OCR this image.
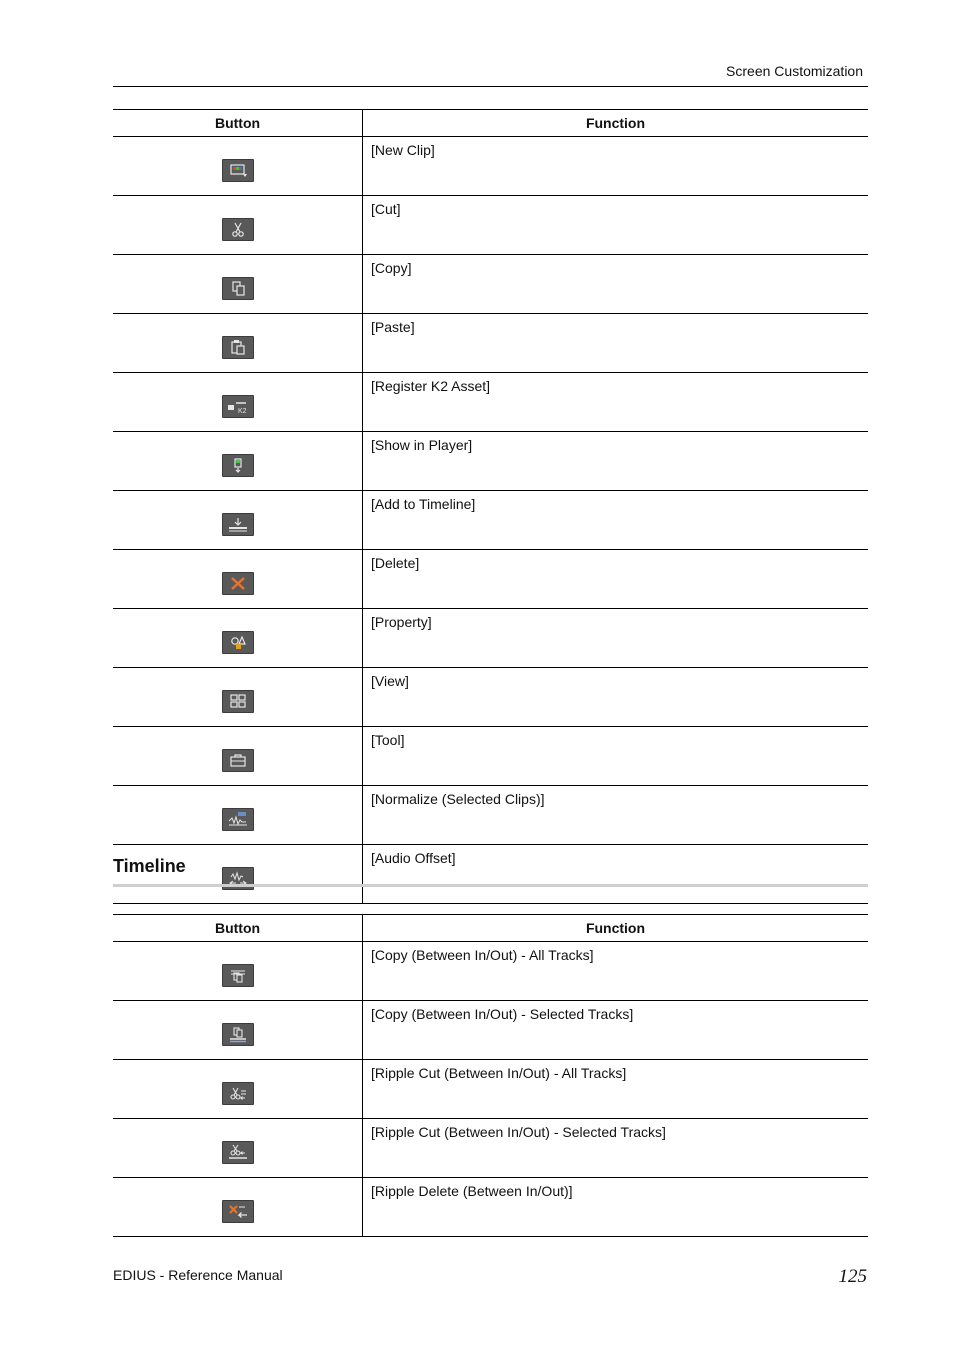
Screen Customization
Button	Function

	[New Clip]

	[Cut]

	[Copy]

	[Paste]

K2	[Register K2 Asset]

	[Show in Player]

	[Add to Timeline]

	[Delete]

	[Property]

	[View]

	[Tool]

	[Normalize (Selected Clips)]

	[Audio Offset]
Timeline
Button	Function

	[Copy (Between In/Out) - All Tracks]

	[Copy (Between In/Out) - Selected Tracks]

	[Ripple Cut (Between In/Out) - All Tracks]

	[Ripple Cut (Between In/Out) - Selected Tracks]

	[Ripple Delete (Between In/Out)]
EDIUS - Reference Manual	125
